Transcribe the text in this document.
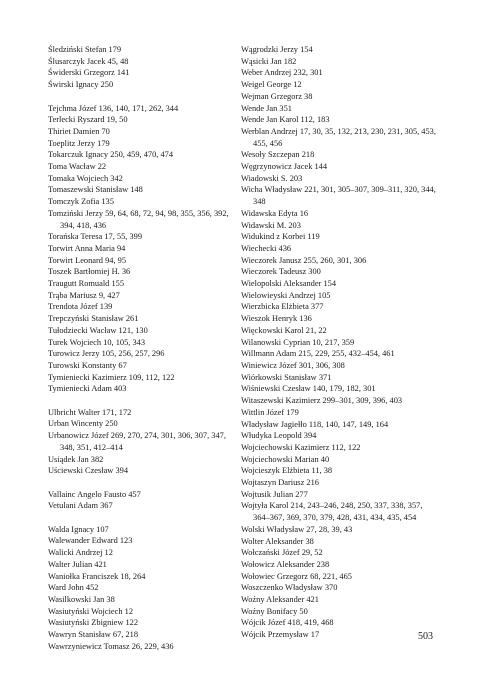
Śledziński Stefan 179
Ślusarczyk Jacek 45, 48
Świderski Grzegorz 141
Świrski Ignacy 250
Tejchma Józef 136, 140, 171, 262, 344
Terlecki Ryszard 19, 50
Thiriet Damien 70
Toeplitz Jerzy 179
Tokarczuk Ignacy 250, 459, 470, 474
Toma Wacław 22
Tomaka Wojciech 342
Tomaszewski Stanisław 148
Tomczyk Zofia 135
Tomziński Jerzy 59, 64, 68, 72, 94, 98, 355, 356, 392, 394, 418, 436
Torańska Teresa 17, 55, 399
Torwirt Anna Maria 94
Torwirt Leonard 94, 95
Toszek Bartłomiej H. 36
Traugutt Romuald 155
Trąba Mariusz 9, 427
Trendota Józef 139
Trepczyński Stanisław 261
Tułodziecki Wacław 121, 130
Turek Wojciech 10, 105, 343
Turowicz Jerzy 105, 256, 257, 296
Turowski Konstanty 67
Tymieniecki Kazimierz 109, 112, 122
Tymieniecki Adam 403
Ulbricht Walter 171, 172
Urban Wincenty 250
Urbanowicz Józef 269, 270, 274, 301, 306, 307, 347, 348, 351, 412–414
Usiądek Jan 382
Uściewski Czesław 394
Vallainc Angelo Fausto 457
Vetulani Adam 367
Walda Ignacy 107
Walewander Edward 123
Walicki Andrzej 12
Walter Julian 421
Waniołka Franciszek 18, 264
Ward John 452
Wasilkowski Jan 38
Wasiutyński Wojciech 12
Wasiutyński Zbigniew 122
Wawryn Stanisław 67, 218
Wawrzyniewicz Tomasz 26, 229, 436
Wągrodzki Jerzy 154
Wąsicki Jan 182
Weber Andrzej 232, 301
Weigel George 12
Wejman Grzegorz 38
Wende Jan 351
Wende Jan Karol 112, 183
Werblan Andrzej 17, 30, 35, 132, 213, 230, 231, 305, 453, 455, 456
Wesoły Szczepan 218
Węgrzynowicz Jacek 144
Wiadowski S. 203
Wicha Władysław 221, 301, 305–307, 309–311, 320, 344, 348
Widawska Edyta 16
Widawski M. 203
Widukind z Korbei 119
Wiechecki 436
Wieczorek Janusz 255, 260, 301, 306
Wieczorek Tadeusz 300
Wielopolski Aleksander 154
Wielowieyski Andrzej 105
Wierzbicka Elżbieta 377
Wieszok Henryk 136
Więckowski Karol 21, 22
Wilanowski Cyprian 10, 217, 359
Willmann Adam 215, 229, 255, 432–454, 461
Winiewicz Józef 301, 306, 308
Wiórkowski Stanisław 371
Wiśniewski Czesław 140, 179, 182, 301
Witaszewski Kazimierz 299–301, 309, 396, 403
Wittlin Józef 179
Władysław Jagiełło 118, 140, 147, 149, 164
Włudyka Leopold 394
Wojciechowski Kazimierz 112, 122
Wojciechowski Marian 40
Wojcieszyk Elżbieta 11, 38
Wojtaszyn Dariusz 216
Wojtusik Julian 277
Wojtyła Karol 214, 243–246, 248, 250, 337, 338, 357, 364–367, 369, 370, 379, 428, 431, 434, 435, 454
Wolski Władysław 27, 28, 39, 43
Wolter Aleksander 38
Wołczański Józef 29, 52
Wołowicz Aleksander 238
Wołowiec Grzegorz 68, 221, 465
Woszczenko Władysław 370
Woźny Aleksander 421
Woźny Bonifacy 50
Wójcik Józef 418, 419, 468
Wójcik Przemysław 17	503
